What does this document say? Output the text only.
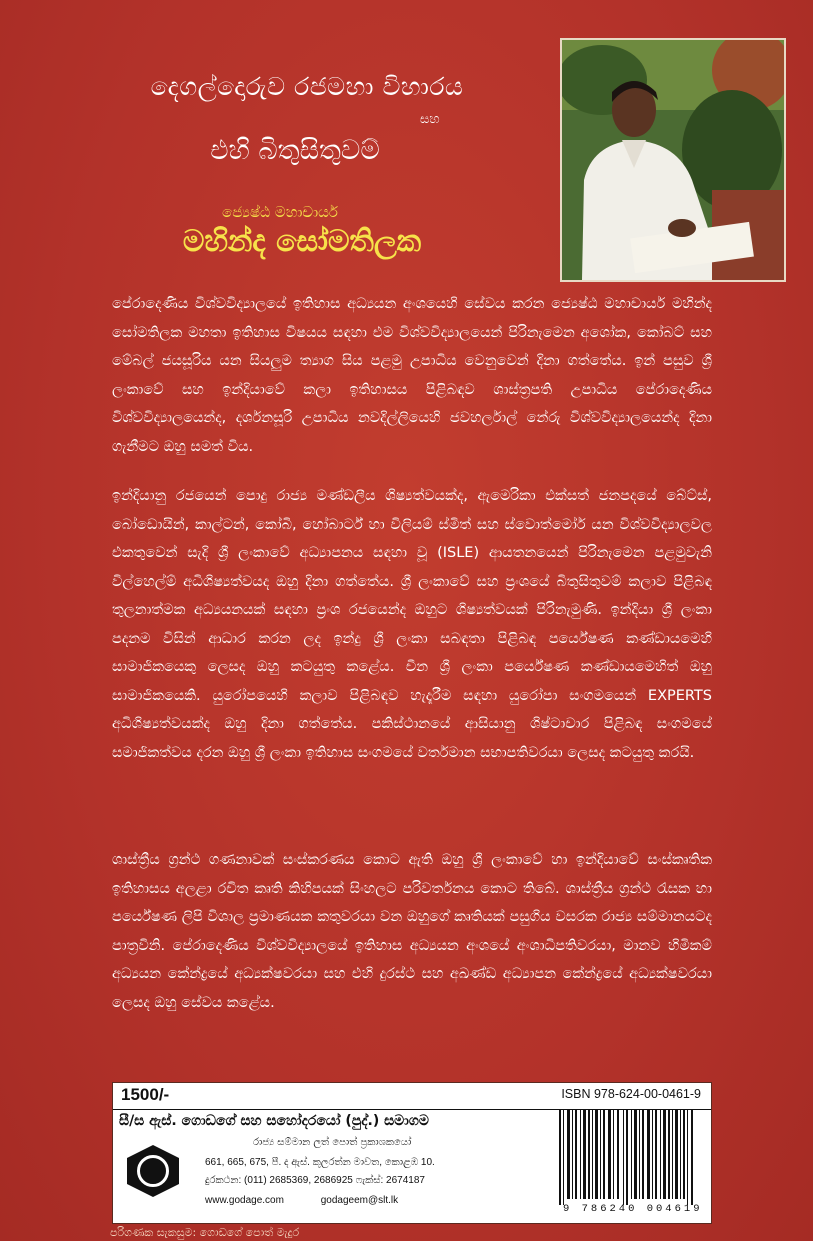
දෙගල්දොරුව රජමහා විහාරය
සහ
එහි බිතුසිතුවම්
ජ්‍යෙෂ්ඨ මහාචාර්ය
මහින්ද සෝමතිලක

පේරාදෙණිය විශ්වවිද්‍යාලයේ ඉතිහාස අධ්‍යයන අංශයෙහි සේවය කරන ජ්‍යෙෂ්ඨ මහාචාර්ය මහින්ද සෝමතිලක මහතා ඉතිහාස විෂයය සඳහා එම විශ්වවිද්‍යාලයෙන් පිරිනැමෙන අශෝක, කෝබට් සහ මේබල් ජයසූරිය යන සියලුම ත්‍යාග සිය පළමු උපාධිය වෙනුවෙන් දිනා ගත්තේය. ඉන් පසුව ශ්‍රී ලංකාවේ සහ ඉන්දියාවේ කලා ඉතිහාසය පිළිබඳව ශාස්ත්‍රපති උපාධිය පේරාදෙණිය විශ්වවිද්‍යාලයෙන්ද, දර්ශනසූරි උපාධිය නවදිල්ලියෙහි ජවහර්ලාල් නේරු විශ්වවිද්‍යාලයෙන්ද දිනා ගැනීමට ඔහු සමත් විය.

ඉන්දියානු රජයෙන් පොදු රාජ්‍ය මණ්ඩලීය ශිෂ්‍යත්වයක්ද, ඇමෙරිකා එක්සත් ජනපදයේ බේට්ස්, බෝඩොයින්, කාල්ටන්, කෝබි, හෝබාර්ට් හා විලියම් ස්මිත් සහ ස්වොත්මෝර් යන විශ්වවිද්‍යාලවල එකතුවෙන් සැදි ශ්‍රී ලංකාවේ අධ්‍යාපනය සඳහා වූ (ISLE) ආයතනයෙන් පිරිනැමෙන පළමුවැනි විල්හෙල්ම් අධිශිෂ්‍යත්වයද ඔහු දිනා ගත්තේය. ශ්‍රී ලංකාවේ සහ ප්‍රංශයේ බිතුසිතුවම් කලාව පිළිබඳ තුලනාත්මක අධ්‍යයනයක් සඳහා ප්‍රංශ රජයෙන්ද ඔහුට ශිෂ්‍යත්වයක් පිරිනැමුණි. ඉන්දියා ශ්‍රී ලංකා පදනම විසින් ආධාර කරන ලද ඉන්දු ශ්‍රී ලංකා සබඳතා පිළිබඳ පර්යේෂණ කණ්ඩායමෙහි සාමාජිකයෙකු ලෙසද ඔහු කටයුතු කළේය. චීන ශ්‍රී ලංකා පර්යේෂණ කණ්ඩායමෙහිත් ඔහු සාමාජිකයෙකි. යුරෝපයෙහි කලාව පිළිබඳව හැදෑරීම සඳහා යුරෝපා සංගමයෙන් EXPERTS අධිශිෂ්‍යත්වයක්ද ඔහු දිනා ගත්තේය. පකිස්ථානයේ ආසියානු ශිෂ්ටාචාර පිළිබඳ සංගමයේ සමාජිකත්වය දරන ඔහු ශ්‍රී ලංකා ඉතිහාස සංගමයේ වර්තමාන සභාපතිවරයා ලෙසද කටයුතු කරයි.

ශාස්ත්‍රීය ග්‍රන්ථ ගණනාවක් සංස්කරණය කොට ඇති ඔහු ශ්‍රී ලංකාවේ හා ඉන්දියාවේ සංස්කෘතික ඉතිහාසය අලළා රචිත කෘති කිහිපයක් සිංහලට පරිවර්තනය කොට තිබේ. ශාස්ත්‍රීය ග්‍රන්ථ රැසක හා පර්යේෂණ ලිපි විශාල ප්‍රමාණයක කතුවරයා වන ඔහුගේ කෘතියක් පසුගිය වසරක රාජ්‍ය සම්මානයටද පාත්‍රවිනි. පේරාදෙණිය විශ්වවිද්‍යාලයේ ඉතිහාස අධ්‍යයන අංශයේ අංශාධිපතිවරයා, මානව හිමිකම් අධ්‍යයන කේන්ද්‍රයේ අධ්‍යක්ෂවරයා සහ එහි දුරස්ථ සහ අඛණ්ඩ අධ්‍යාපන කේන්ද්‍රයේ අධ්‍යක්ෂවරයා ලෙසද ඔහු සේවය කළේය.

1500/-	ISBN 978-624-00-0461-9
සී/ස ඇස්. ගොඩගේ සහ සහෝදරයෝ (පුද්.) සමාගම
රාජ්‍ය සම්මාන ලත් පොත් ප්‍රකාශකයෝ
661, 665, 675, පී. ද ඇස්. කුලරත්න මාවත, කොළඹ 10.
දුරකථන: (011) 2685369, 2686925 ෆැක්ස්: 2674187
www.godage.com	godageem@slt.lk
9 786240 004619
පරිගණක සැකසුම: ගොඩගේ පොත් මැදුර
